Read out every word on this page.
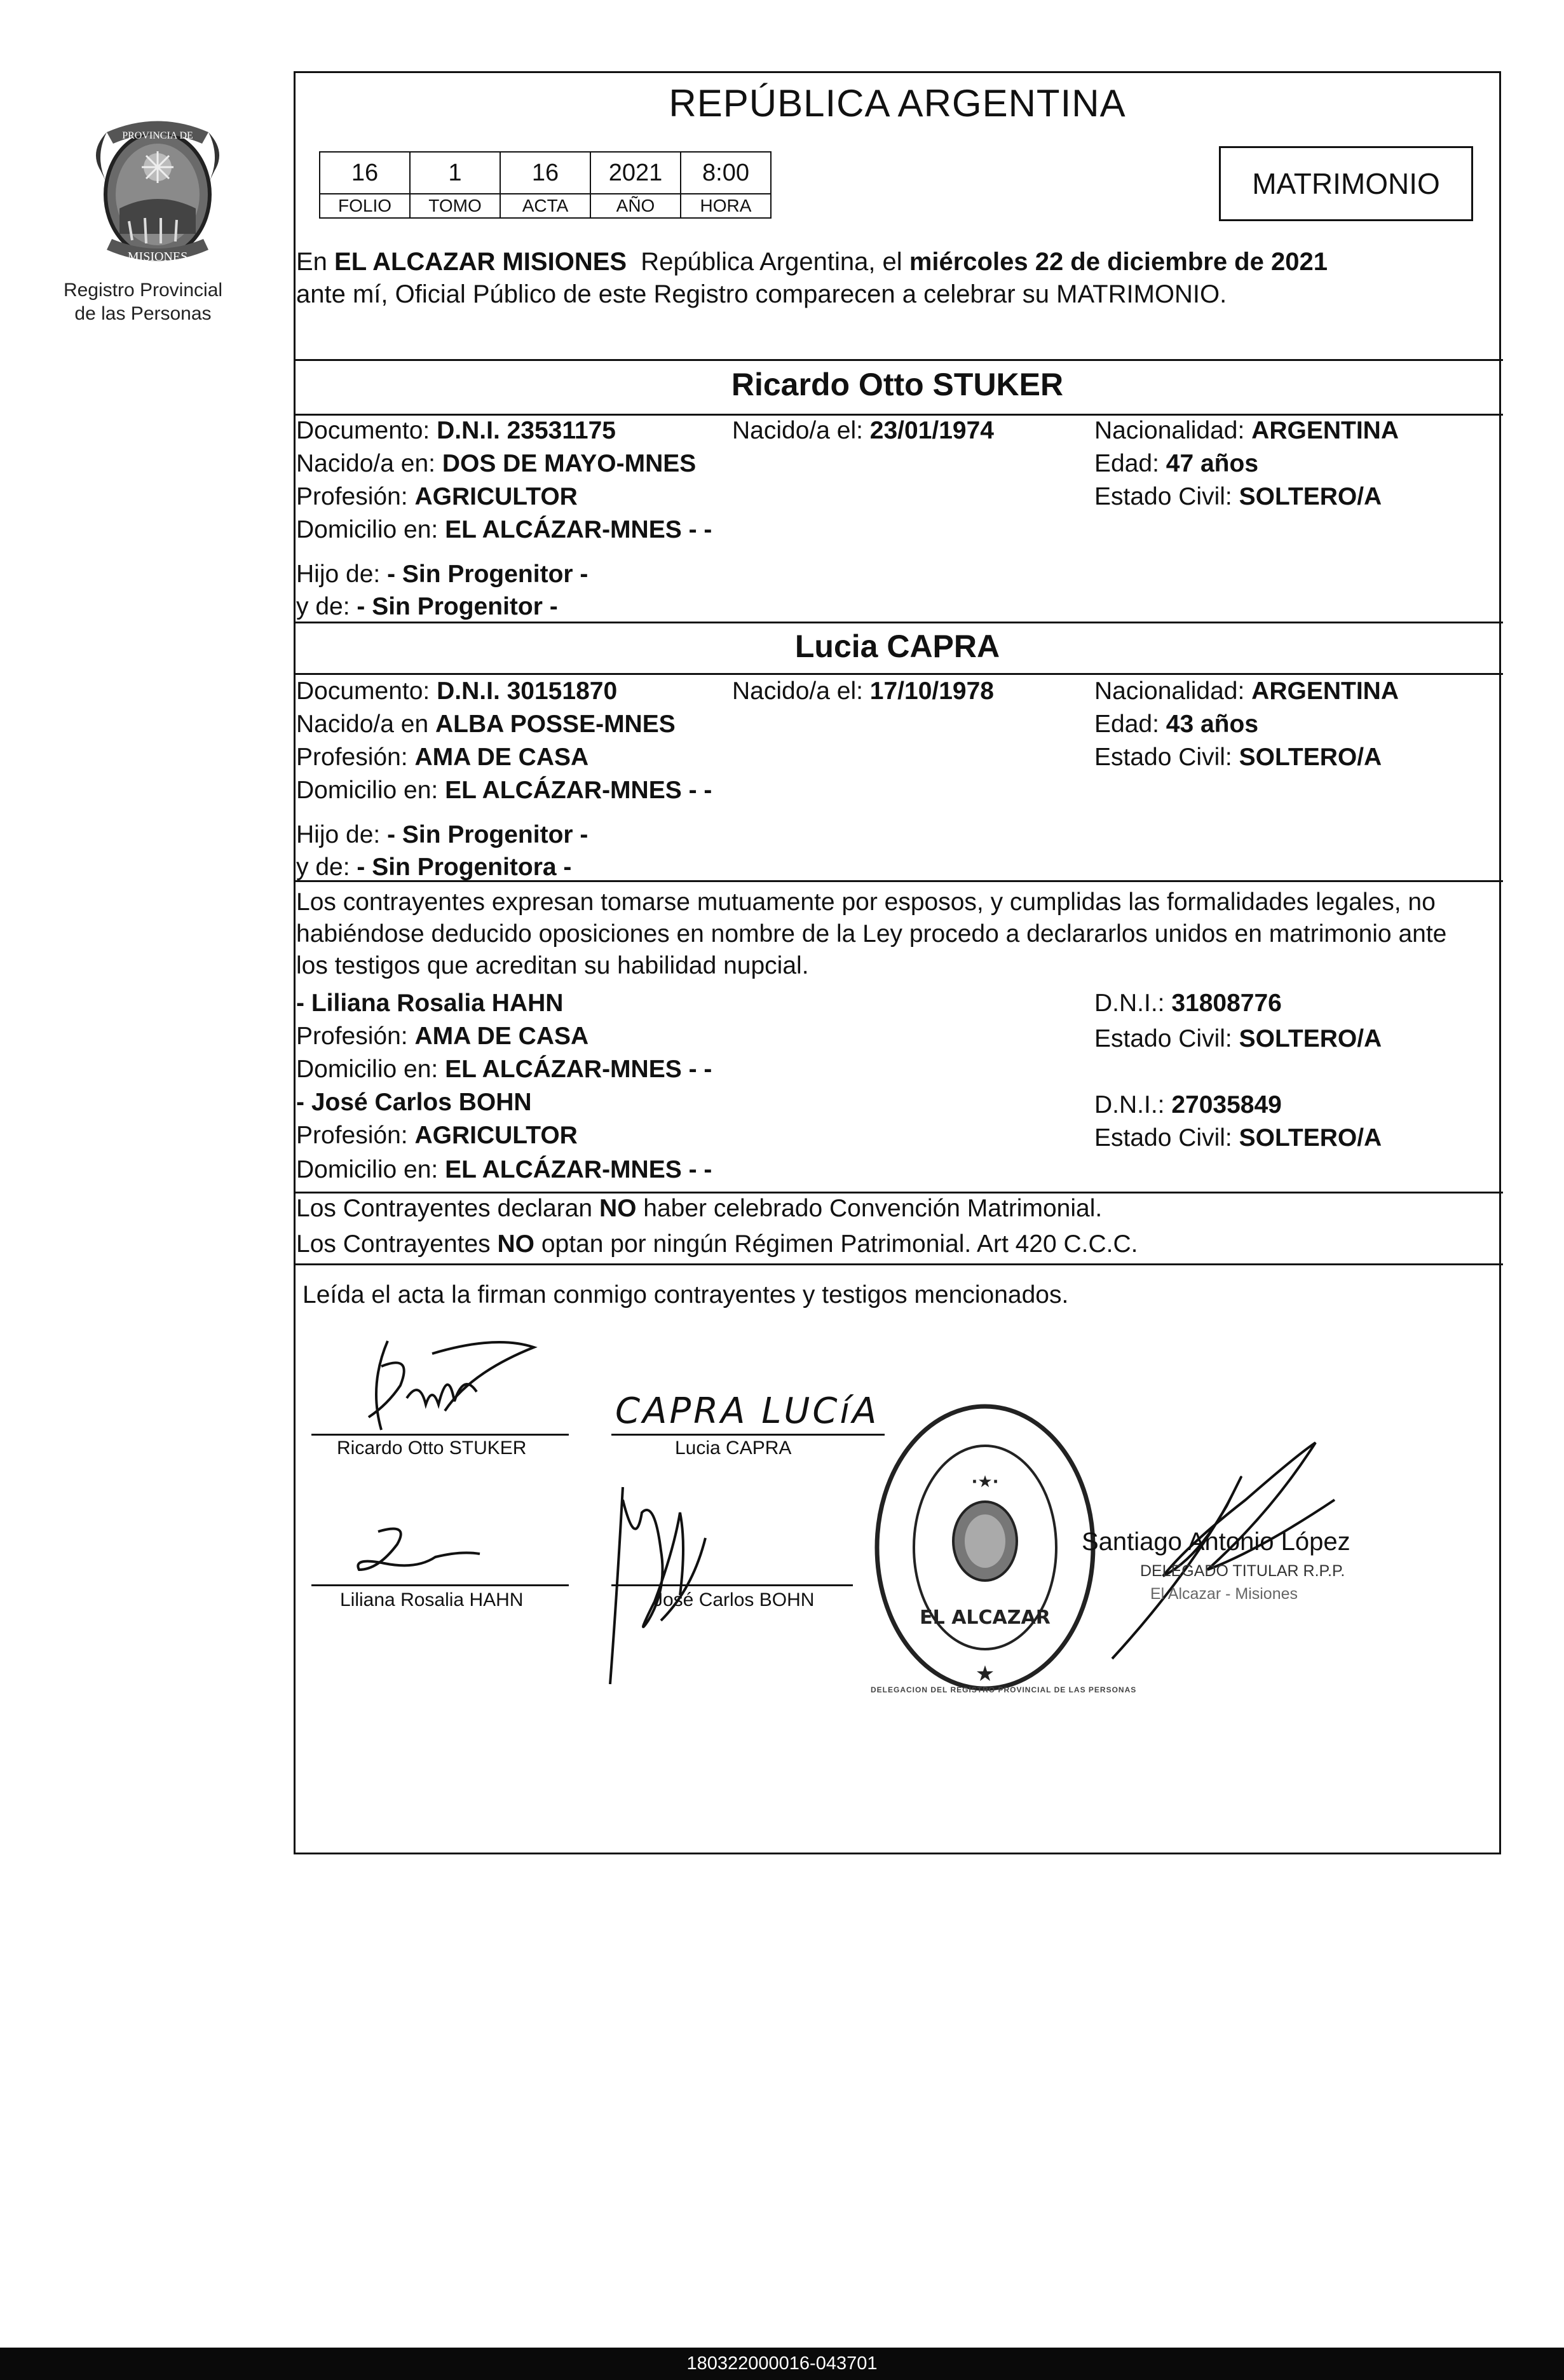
PROVINCIA DE
MISIONES
Registro Provincial
de las Personas
REPÚBLICA ARGENTINA
16	1	16	2021	8:00
FOLIO	TOMO	ACTA	AÑO	HORA
MATRIMONIO
En EL ALCAZAR MISIONES  República Argentina, el miércoles 22 de diciembre de 2021
ante mí, Oficial Público de este Registro comparecen a celebrar su MATRIMONIO.
Ricardo Otto STUKER
Documento: D.N.I. 23531175	Nacido/a el: 23/01/1974	Nacionalidad: ARGENTINA
Nacido/a en: DOS DE MAYO-MNES	Edad: 47 años
Profesión: AGRICULTOR	Estado Civil: SOLTERO/A
Domicilio en: EL ALCÁZAR-MNES - -
Hijo de: - Sin Progenitor -
y de: - Sin Progenitor -
Lucia CAPRA
Documento: D.N.I. 30151870	Nacido/a el: 17/10/1978	Nacionalidad: ARGENTINA
Nacido/a en ALBA POSSE-MNES	Edad: 43 años
Profesión: AMA DE CASA	Estado Civil: SOLTERO/A
Domicilio en: EL ALCÁZAR-MNES - -
Hijo de: - Sin Progenitor -
y de: - Sin Progenitora -
Los contrayentes expresan tomarse mutuamente por esposos, y cumplidas las formalidades legales, no
habiéndose deducido oposiciones en nombre de la Ley procedo a declararlos unidos en matrimonio ante
los testigos que acreditan su habilidad nupcial.
- Liliana Rosalia HAHN	D.N.I.: 31808776
Profesión: AMA DE CASA	Estado Civil: SOLTERO/A
Domicilio en: EL ALCÁZAR-MNES - -
- José Carlos BOHN	D.N.I.: 27035849
Profesión: AGRICULTOR	Estado Civil: SOLTERO/A
Domicilio en: EL ALCÁZAR-MNES - -
Los Contrayentes declaran NO haber celebrado Convención Matrimonial.
Los Contrayentes NO optan por ningún Régimen Patrimonial. Art 420 C.C.C.
Leída el acta la firman conmigo contrayentes y testigos mencionados.
Ricardo Otto STUKER
CAPRA LUCíA
Lucia CAPRA
Liliana Rosalia HAHN	José Carlos BOHN
·★·
EL ALCAZAR
★
DELEGACION DEL REGISTRO PROVINCIAL DE LAS PERSONAS
Santiago Antonio López
DELEGADO TITULAR R.P.P.
El Alcazar - Misiones
180322000016-043701
